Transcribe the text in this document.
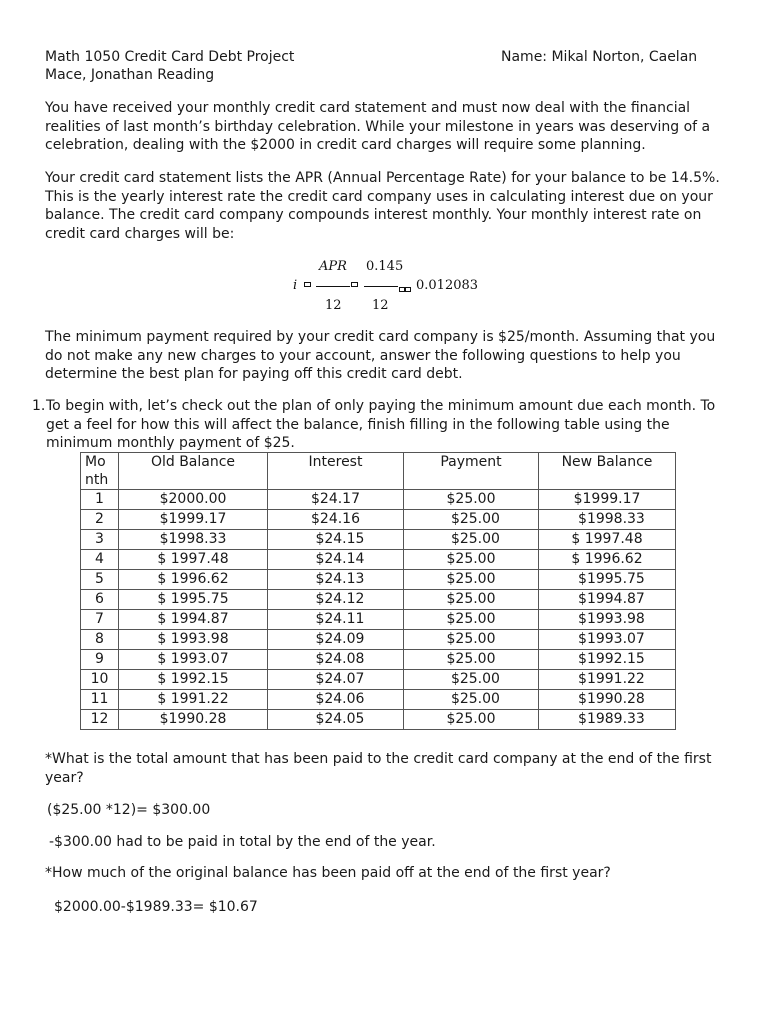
Math 1050 Credit Card Debt Project	Name: Mikal Norton, Caelan
Mace, Jonathan Reading
You have received your monthly credit card statement and must now deal with the financial
realities of last month’s birthday celebration. While your milestone in years was deserving of a
celebration, dealing with the $2000 in credit card charges will require some planning.
Your credit card statement lists the APR (Annual Percentage Rate) for your balance to be 14.5%.
This is the yearly interest rate the credit card company uses in calculating interest due on your
balance. The credit card company compounds interest monthly. Your monthly interest rate on
credit card charges will be:
i
APR
12
0.145
12
0.012083
The minimum payment required by your credit card company is $25/month. Assuming that you
do not make any new charges to your account, answer the following questions to help you
determine the best plan for paying off this credit card debt.
1. To begin with, let’s check out the plan of only paying the minimum amount due each month. To
get a feel for how this will affect the balance, finish filling in the following table using the
minimum monthly payment of $25.
Month	Old Balance	Interest	Payment	New Balance
1	$2000.00	$24.17	$25.00	$1999.17
2	$1999.17	$24.16	$25.00	$1998.33
3	$1998.33	$24.15	$25.00	$ 1997.48
4	$ 1997.48	$24.14	$25.00	$ 1996.62
5	$ 1996.62	$24.13	$25.00	$1995.75
6	$ 1995.75	$24.12	$25.00	$1994.87
7	$ 1994.87	$24.11	$25.00	$1993.98
8	$ 1993.98	$24.09	$25.00	$1993.07
9	$ 1993.07	$24.08	$25.00	$1992.15
10	$ 1992.15	$24.07	$25.00	$1991.22
11	$ 1991.22	$24.06	$25.00	$1990.28
12	$1990.28	$24.05	$25.00	$1989.33
*What is the total amount that has been paid to the credit card company at the end of the first
year?
($25.00 *12)= $300.00
-$300.00 had to be paid in total by the end of the year.
*How much of the original balance has been paid off at the end of the first year?
$2000.00-$1989.33= $10.67
